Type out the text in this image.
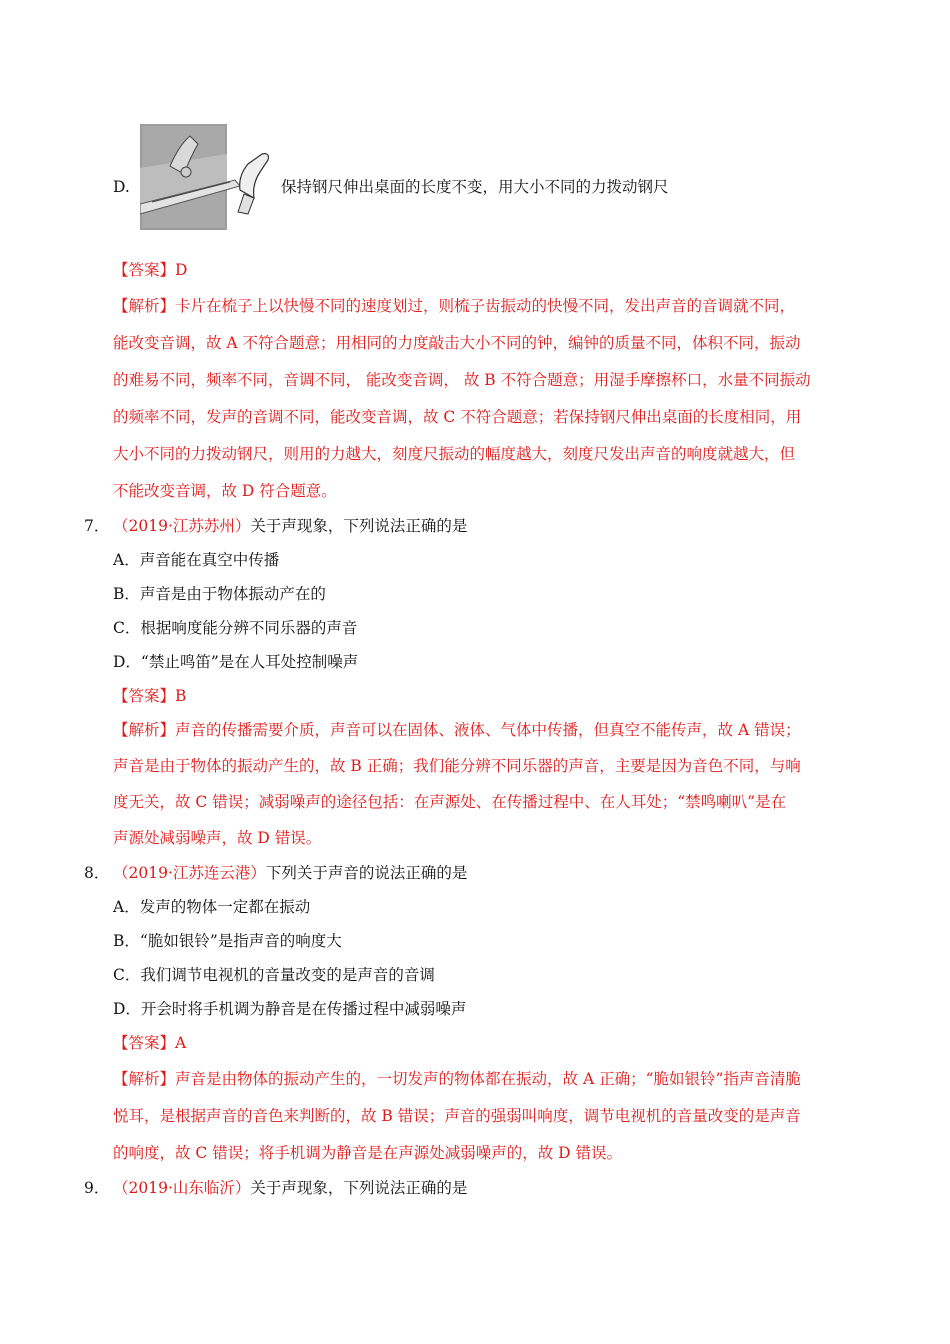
D.	保持钢尺伸出桌面的长度不变，用大小不同的力拨动钢尺
【答案】D
【解析】卡片在梳子上以快慢不同的速度划过，则梳子齿振动的快慢不同，发出声音的音调就不同，
能改变音调，故 A 不符合题意；用相同的力度敲击大小不同的钟，编钟的质量不同，体积不同，振动
的难易不同，频率不同，音调不同， 能改变音调， 故 B 不符合题意；用湿手摩擦杯口，水量不同振动
的频率不同，发声的音调不同，能改变音调，故 C 不符合题意；若保持钢尺伸出桌面的长度相同，用
大小不同的力拨动钢尺，则用的力越大，刻度尺振动的幅度越大，刻度尺发出声音的响度就越大，但
不能改变音调，故 D 符合题意。
7． （2019·江苏苏州）关于声现象，下列说法正确的是
A．声音能在真空中传播
B．声音是由于物体振动产在的
C．根据响度能分辨不同乐器的声音
D．“禁止鸣笛”是在人耳处控制噪声
【答案】B
【解析】声音的传播需要介质，声音可以在固体、液体、气体中传播，但真空不能传声，故 A 错误；
声音是由于物体的振动产生的，故 B 正确；我们能分辨不同乐器的声音，主要是因为音色不同，与响
度无关，故 C 错误；减弱噪声的途径包括：在声源处、在传播过程中、在人耳处；“禁鸣喇叭”是在
声源处减弱噪声，故 D 错误。
8． （2019·江苏连云港）下列关于声音的说法正确的是
A．发声的物体一定都在振动
B．“脆如银铃”是指声音的响度大
C．我们调节电视机的音量改变的是声音的音调
D．开会时将手机调为静音是在传播过程中减弱噪声
【答案】A
【解析】声音是由物体的振动产生的，一切发声的物体都在振动，故 A 正确；“脆如银铃”指声音清脆
悦耳，是根据声音的音色来判断的，故 B 错误；声音的强弱叫响度，调节电视机的音量改变的是声音
的响度，故 C 错误；将手机调为静音是在声源处减弱噪声的，故 D 错误。
9． （2019·山东临沂）关于声现象，下列说法正确的是
